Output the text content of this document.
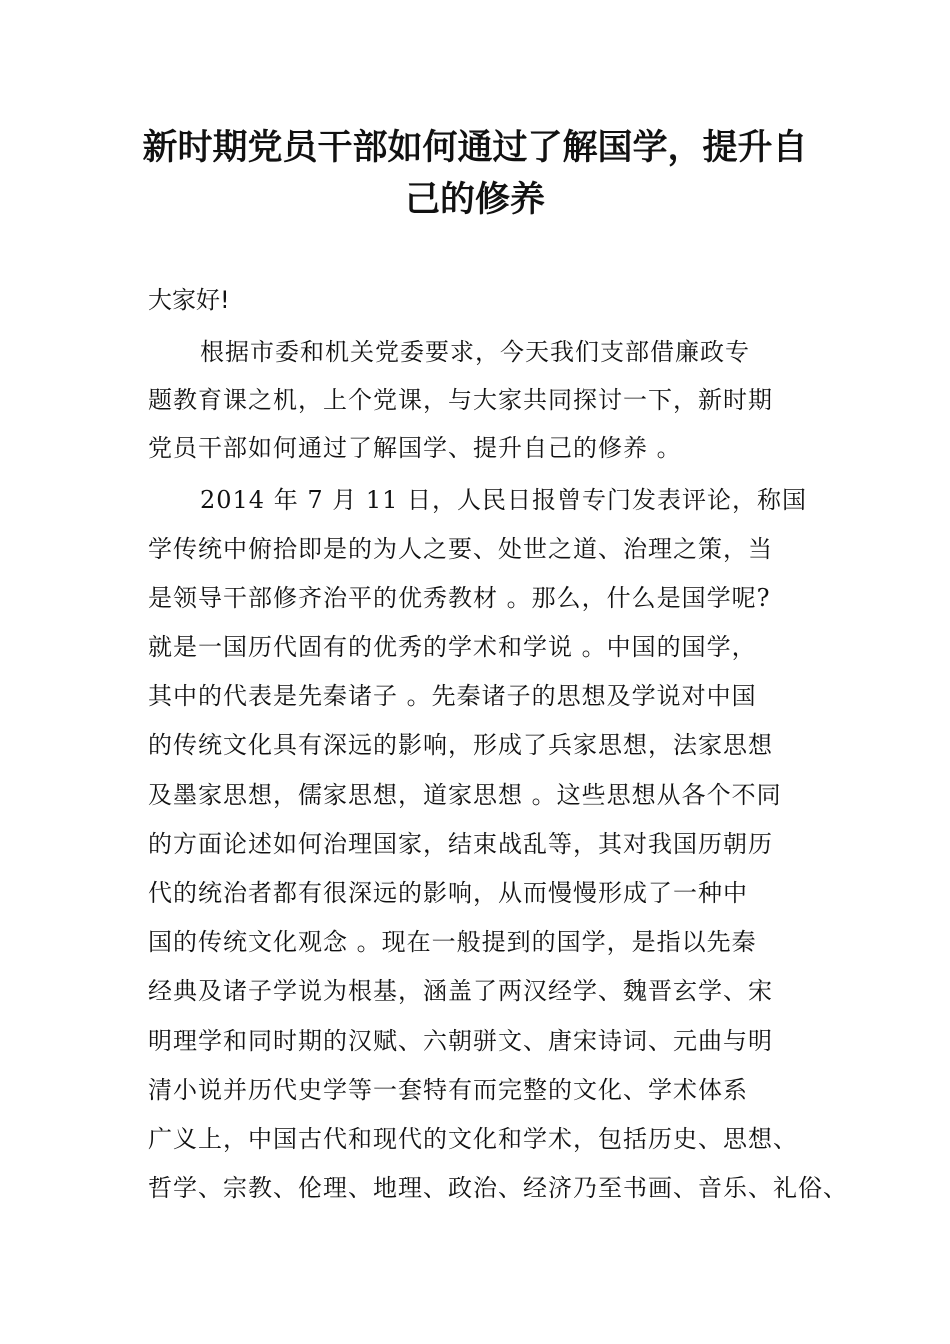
新时期党员干部如何通过了解国学，提升自
己的修养
大家好!
根据市委和机关党委要求，今天我们支部借廉政专
题教育课之机，上个党课，与大家共同探讨一下，新时期
党员干部如何通过了解国学、提升自己的修养 。
2014 年 7 月 11 日，人民日报曾专门发表评论，称国
学传统中俯拾即是的为人之要、处世之道、治理之策，当
是领导干部修齐治平的优秀教材 。那么，什么是国学呢?
就是一国历代固有的优秀的学术和学说 。中国的国学，
其中的代表是先秦诸子 。先秦诸子的思想及学说对中国
的传统文化具有深远的影响，形成了兵家思想，法家思想
及墨家思想，儒家思想，道家思想 。这些思想从各个不同
的方面论述如何治理国家，结束战乱等，其对我国历朝历
代的统治者都有很深远的影响，从而慢慢形成了一种中
国的传统文化观念 。现在一般提到的国学，是指以先秦
经典及诸子学说为根基，涵盖了两汉经学、魏晋玄学、宋
明理学和同时期的汉赋、六朝骈文、唐宋诗词、元曲与明
清小说并历代史学等一套特有而完整的文化、学术体系
广义上，中国古代和现代的文化和学术，包括历史、思想、
哲学、宗教、伦理、地理、政治、经济乃至书画、音乐、礼俗、
